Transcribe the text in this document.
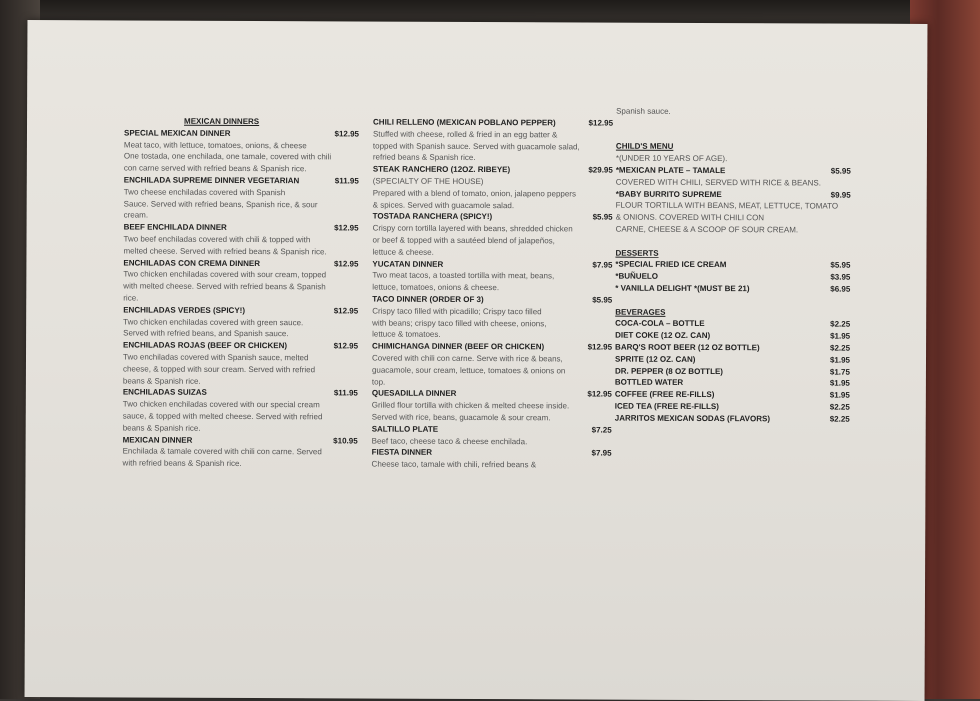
MEXICAN DINNERS
SPECIAL MEXICAN DINNER	$12.95
Meat taco, with lettuce, tomatoes, onions, & cheese
One tostada, one enchilada, one tamale, covered with chili
con carne served with refried beans & Spanish rice.
ENCHILADA SUPREME DINNER VEGETARIAN	$11.95
Two cheese enchiladas covered with Spanish
Sauce. Served with refried beans, Spanish rice, & sour
cream.
BEEF ENCHILADA DINNER	$12.95
Two beef enchiladas covered with chili & topped with
melted cheese. Served with refried beans & Spanish rice.
ENCHILADAS CON CREMA DINNER	$12.95
Two chicken enchiladas covered with sour cream, topped
with melted cheese. Served with refried beans & Spanish
rice.
ENCHILADAS VERDES (SPICY!)	$12.95
Two chicken enchiladas covered with green sauce.
Served with refried beans, and Spanish sauce.
ENCHILADAS ROJAS (BEEF OR CHICKEN)	$12.95
Two enchiladas covered with Spanish sauce, melted
cheese, & topped with sour cream. Served with refried
beans & Spanish rice.
ENCHILADAS SUIZAS	$11.95
Two chicken enchiladas covered with our special cream
sauce, & topped with melted cheese. Served with refried
beans & Spanish rice.
MEXICAN DINNER	$10.95
Enchilada & tamale covered with chili con carne. Served
with refried beans & Spanish rice.
CHILI RELLENO (MEXICAN POBLANO PEPPER)	$12.95
Stuffed with cheese, rolled & fried in an egg batter &
topped with Spanish sauce. Served with guacamole salad,
refried beans & Spanish rice.
STEAK RANCHERO (12OZ. RIBEYE)	$29.95
(SPECIALTY OF THE HOUSE)
Prepared with a blend of tomato, onion, jalapeno peppers
& spices. Served with guacamole salad.
TOSTADA RANCHERA (SPICY!)	$5.95
Crispy corn tortilla layered with beans, shredded chicken
or beef & topped with a sautéed blend of jalapeños,
lettuce & cheese.
YUCATAN DINNER	$7.95
Two meat tacos, a toasted tortilla with meat, beans,
lettuce, tomatoes, onions & cheese.
TACO DINNER (ORDER OF 3)	$5.95
Crispy taco filled with picadillo; Crispy taco filled
with beans; crispy taco filled with cheese, onions,
lettuce & tomatoes.
CHIMICHANGA DINNER (BEEF OR CHICKEN)	$12.95
Covered with chili con carne. Serve with rice & beans,
guacamole, sour cream, lettuce, tomatoes & onions on
top.
QUESADILLA DINNER	$12.95
Grilled flour tortilla with chicken & melted cheese inside.
Served with rice, beans, guacamole & sour cream.
SALTILLO PLATE	$7.25
Beef taco, cheese taco & cheese enchilada.
FIESTA DINNER	$7.95
Cheese taco, tamale with chili, refried beans &
Spanish sauce.
CHILD'S MENU
*(UNDER 10 YEARS OF AGE).
*MEXICAN PLATE – TAMALE	$5.95
COVERED WITH CHILI, SERVED WITH RICE & BEANS.
*BABY BURRITO SUPREME	$9.95
FLOUR TORTILLA WITH BEANS, MEAT, LETTUCE, TOMATO
& ONIONS. COVERED WITH CHILI CON
CARNE, CHEESE & A SCOOP OF SOUR CREAM.
DESSERTS
*SPECIAL FRIED ICE CREAM	$5.95
*BUÑUELO	$3.95
* VANILLA DELIGHT *(MUST BE 21)	$6.95
BEVERAGES
COCA-COLA – BOTTLE	$2.25
DIET COKE (12 OZ. CAN)	$1.95
BARQ'S ROOT BEER (12 OZ BOTTLE)	$2.25
SPRITE (12 OZ. CAN)	$1.95
DR. PEPPER (8 OZ BOTTLE)	$1.75
BOTTLED WATER	$1.95
COFFEE (FREE RE-FILLS)	$1.95
ICED TEA (FREE RE-FILLS)	$2.25
JARRITOS MEXICAN SODAS (FLAVORS)	$2.25
